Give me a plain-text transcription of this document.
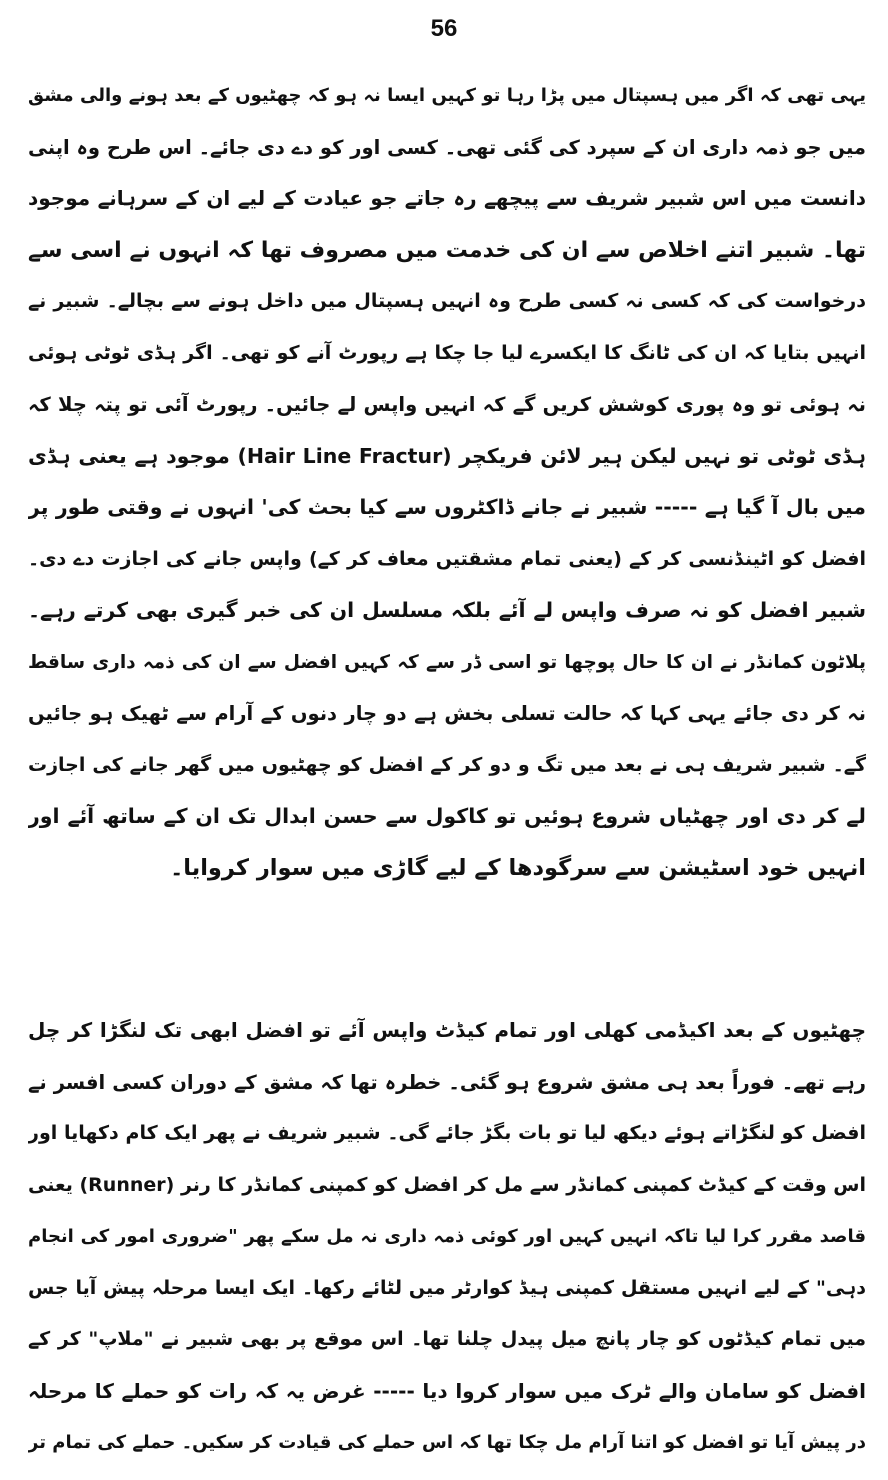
56
یہی تھی کہ اگر میں ہسپتال میں پڑا رہا تو کہیں ایسا نہ ہو کہ چھٹیوں کے بعد ہونے والی مشق
میں جو ذمہ داری ان کے سپرد کی گئی تھی۔ کسی اور کو دے دی جائے۔ اس طرح وہ اپنی
دانست میں اس شبیر شریف سے پیچھے رہ جاتے جو عیادت کے لیے ان کے سرہانے موجود
تھا۔ شبیر اتنے اخلاص سے ان کی خدمت میں مصروف تھا کہ انہوں نے اسی سے
درخواست کی کہ کسی نہ کسی طرح وہ انہیں ہسپتال میں داخل ہونے سے بچالے۔ شبیر نے
انہیں بتایا کہ ان کی ٹانگ کا ایکسرے لیا جا چکا ہے رپورٹ آنے کو تھی۔ اگر ہڈی ٹوٹی ہوئی
نہ ہوئی تو وہ پوری کوشش کریں گے کہ انہیں واپس لے جائیں۔ رپورٹ آئی تو پتہ چلا کہ
ہڈی ٹوٹی تو نہیں لیکن ہیر لائن فریکچر (Hair Line Fractur) موجود ہے یعنی ہڈی
میں بال آ گیا ہے ----- شبیر نے جانے ڈاکٹروں سے کیا بحث کی' انہوں نے وقتی طور پر
افضل کو اٹینڈنسی کر کے (یعنی تمام مشقتیں معاف کر کے) واپس جانے کی اجازت دے دی۔
شبیر افضل کو نہ صرف واپس لے آئے بلکہ مسلسل ان کی خبر گیری بھی کرتے رہے۔
پلاٹون کمانڈر نے ان کا حال پوچھا تو اسی ڈر سے کہ کہیں افضل سے ان کی ذمہ داری ساقط
نہ کر دی جائے یہی کہا کہ حالت تسلی بخش ہے دو چار دنوں کے آرام سے ٹھیک ہو جائیں
گے۔ شبیر شریف ہی نے بعد میں تگ و دو کر کے افضل کو چھٹیوں میں گھر جانے کی اجازت
لے کر دی اور چھٹیاں شروع ہوئیں تو کاکول سے حسن ابدال تک ان کے ساتھ آئے اور
انہیں خود اسٹیشن سے سرگودھا کے لیے گاڑی میں سوار کروایا۔
چھٹیوں کے بعد اکیڈمی کھلی اور تمام کیڈٹ واپس آئے تو افضل ابھی تک لنگڑا کر چل
رہے تھے۔ فوراً بعد ہی مشق شروع ہو گئی۔ خطرہ تھا کہ مشق کے دوران کسی افسر نے
افضل کو لنگڑاتے ہوئے دیکھ لیا تو بات بگڑ جائے گی۔ شبیر شریف نے پھر ایک کام دکھایا اور
اس وقت کے کیڈٹ کمپنی کمانڈر سے مل کر افضل کو کمپنی کمانڈر کا رنر (Runner) یعنی
قاصد مقرر کرا لیا تاکہ انہیں کہیں اور کوئی ذمہ داری نہ مل سکے پھر "ضروری امور کی انجام
دہی" کے لیے انہیں مستقل کمپنی ہیڈ کوارٹر میں لٹائے رکھا۔ ایک ایسا مرحلہ پیش آیا جس
میں تمام کیڈٹوں کو چار پانچ میل پیدل چلنا تھا۔ اس موقع پر بھی شبیر نے "ملاپ" کر کے
افضل کو سامان والے ٹرک میں سوار کروا دیا ----- غرض یہ کہ رات کو حملے کا مرحلہ
در پیش آیا تو افضل کو اتنا آرام مل چکا تھا کہ اس حملے کی قیادت کر سکیں۔ حملے کی تمام تر
